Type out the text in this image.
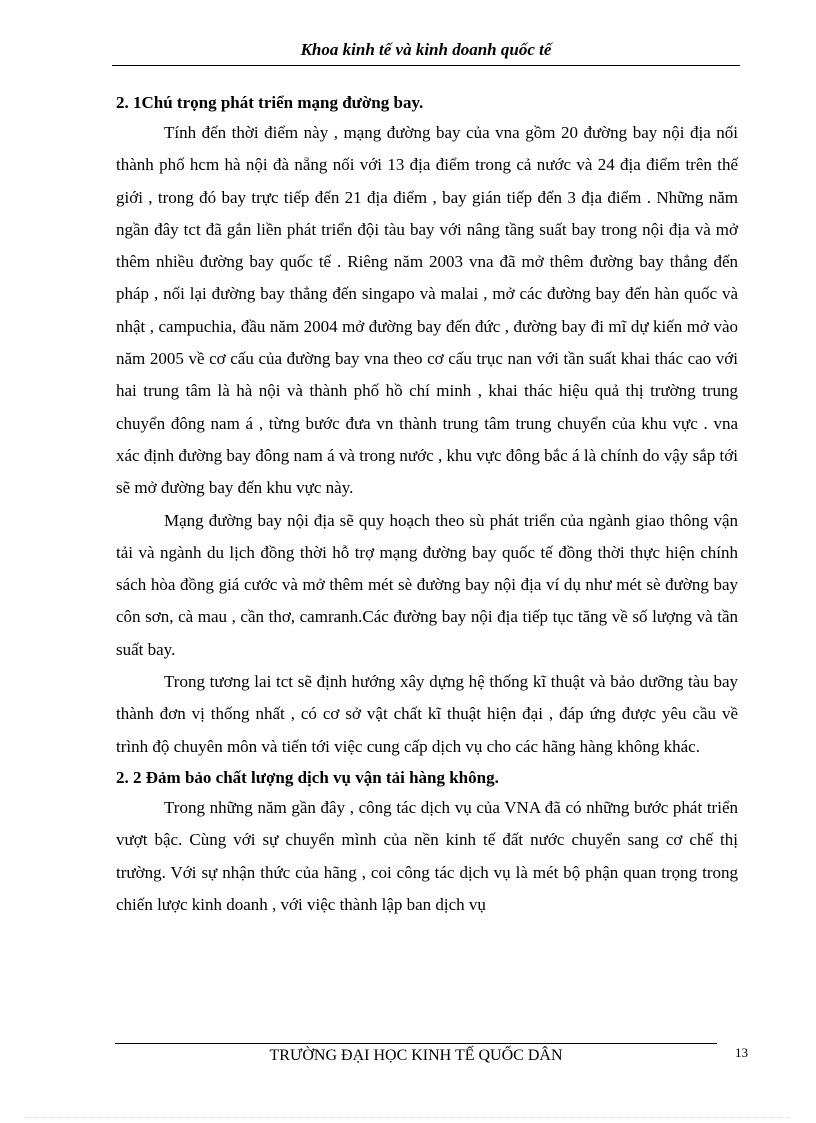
Khoa kinh tế và kinh doanh quốc tế
2. 1Chú trọng phát triển mạng đường bay.
Tính đến thời điểm này , mạng đường bay của vna gồm 20 đường bay nội địa nối thành phố hcm hà nội đà nẵng nối với 13 địa điểm trong cả nước và 24 địa điểm trên thế giới , trong đó bay trực tiếp đến 21 địa điểm , bay gián tiếp đến 3 địa điểm . Những năm ngần đây tct đã gắn liền phát triển đội tàu bay với nâng tầng suất bay trong nội địa và mở thêm nhiều đường bay quốc tế . Riêng năm 2003 vna đã mở thêm đường bay thẳng đến pháp , nối lại đường bay thẳng đến singapo và malai , mở các đường bay đến hàn quốc và nhật , campuchia, đầu năm 2004 mở đường bay đến đức , đường bay đi mĩ dự kiến mở vào năm 2005 về cơ cấu của đường bay vna theo cơ cấu trục nan với tần suất khai thác cao với hai trung tâm là hà nội và thành phố hồ chí minh , khai thác hiệu quả thị trường trung chuyển đông nam á , từng bước đưa vn thành trung tâm trung chuyển của khu vực . vna xác định đường bay đông nam á và trong nước , khu vực đông bắc á là chính do vậy sắp tới sẽ mở đường bay đến khu vực này.
Mạng đường bay nội địa sẽ quy hoạch theo sù phát triển của ngành giao thông vận tải và ngành du lịch đồng thời hỗ trợ mạng đường bay quốc tế đồng thời thực hiện chính sách hòa đồng giá cước và mở thêm mét sè đường bay nội địa ví dụ như mét sè đường bay côn sơn, cà mau , cần thơ, camranh.Các đường bay nội địa tiếp tục tăng về số lượng và tần suất bay.
Trong tương lai tct sẽ định hướng xây dựng hệ thống kĩ thuật và bảo dưỡng tàu bay thành đơn vị thống nhất , có cơ sở vật chất kĩ thuật hiện đại , đáp ứng được yêu cầu về trình độ chuyên môn và tiến tới việc cung cấp dịch vụ cho các hãng hàng không khác.
2. 2 Đảm bảo chất lượng dịch vụ vận tải hàng không.
Trong những năm gần đây , công tác dịch vụ của VNA đã có những bước phát triển vượt bậc. Cùng với sự chuyển mình của nền kinh tế đất nước chuyển sang cơ chế thị trường. Với sự nhận thức của hãng , coi công tác dịch vụ là mét bộ phận quan trọng trong chiến lược kinh doanh , với việc thành lập ban dịch vụ
TRƯỜNG ĐẠI HỌC KINH TẾ QUỐC DÂN	13
